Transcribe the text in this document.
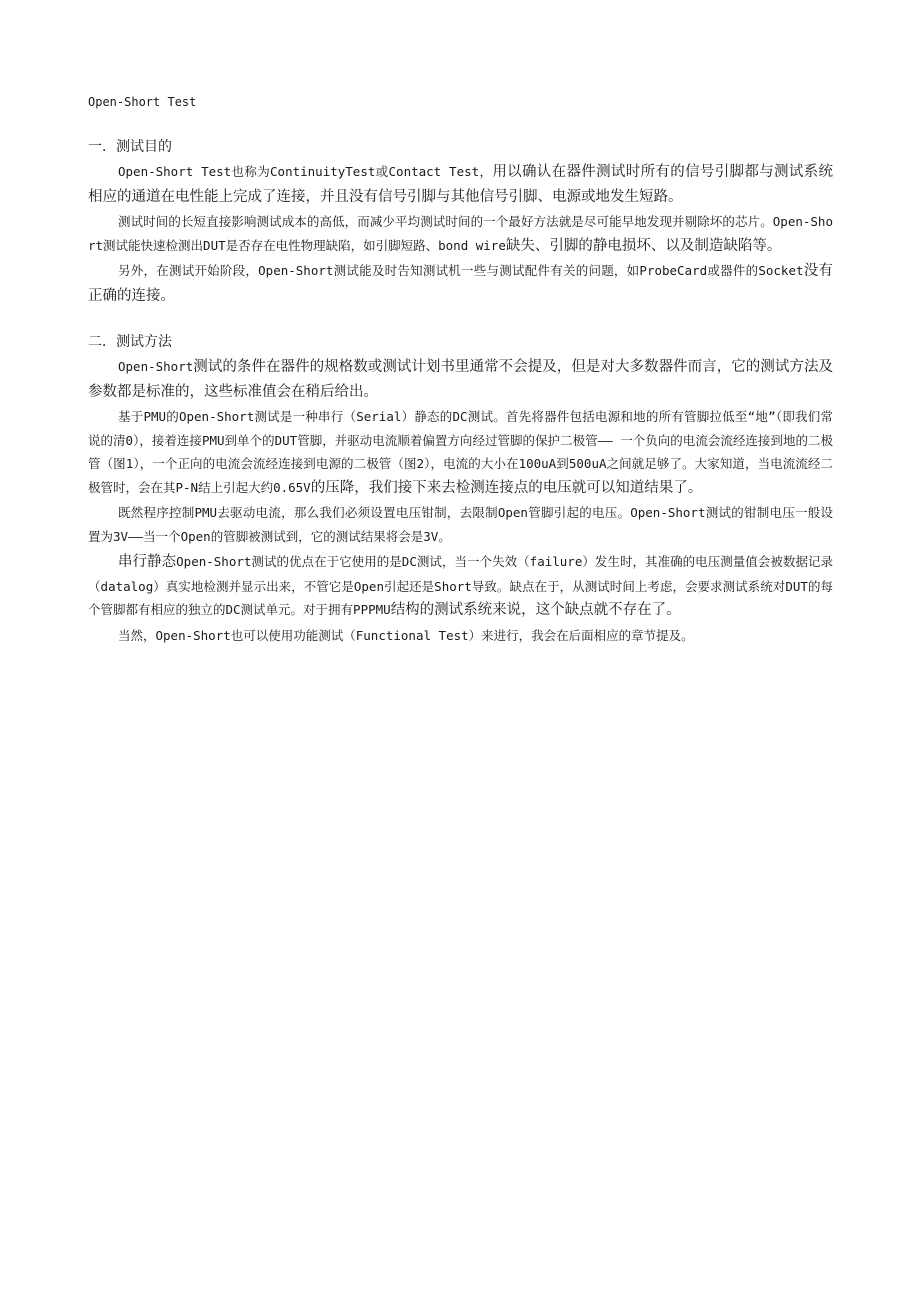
Open-Short Test
一．测试目的

Open-Short Test也称为ContinuityTest或Contact Test，用以确认在器件测试时所有的信号引脚都与测试系统相应的通道在电性能上完成了连接，并且没有信号引脚与其他信号引脚、电源或地发生短路。

测试时间的长短直接影响测试成本的高低，而减少平均测试时间的一个最好方法就是尽可能早地发现并剔除坏的芯片。Open-Short测试能快速检测出DUT是否存在电性物理缺陷，如引脚短路、bond wire缺失、引脚的静电损坏、以及制造缺陷等。

另外，在测试开始阶段，Open-Short测试能及时告知测试机一些与测试配件有关的问题，如ProbeCard或器件的Socket没有正确的连接。

二．测试方法

Open-Short测试的条件在器件的规格数或测试计划书里通常不会提及，但是对大多数器件而言，它的测试方法及参数都是标准的，这些标准值会在稍后给出。

基于PMU的Open-Short测试是一种串行（Serial）静态的DC测试。首先将器件包括电源和地的所有管脚拉低至“地”（即我们常说的清0），接着连接PMU到单个的DUT管脚，并驱动电流顺着偏置方向经过管脚的保护二极管—— 一个负向的电流会流经连接到地的二极管（图1），一个正向的电流会流经连接到电源的二极管（图2），电流的大小在100uA到500uA之间就足够了。大家知道，当电流流经二极管时，会在其P-N结上引起大约0.65V的压降，我们接下来去检测连接点的电压就可以知道结果了。

既然程序控制PMU去驱动电流，那么我们必须设置电压钳制，去限制Open管脚引起的电压。Open-Short测试的钳制电压一般设置为3V——当一个Open的管脚被测试到，它的测试结果将会是3V。

串行静态Open-Short测试的优点在于它使用的是DC测试，当一个失效（failure）发生时，其准确的电压测量值会被数据记录（datalog）真实地检测并显示出来，不管它是Open引起还是Short导致。缺点在于，从测试时间上考虑，会要求测试系统对DUT的每个管脚都有相应的独立的DC测试单元。对于拥有PPPMU结构的测试系统来说，这个缺点就不存在了。

当然，Open-Short也可以使用功能测试（Functional Test）来进行，我会在后面相应的章节提及。
